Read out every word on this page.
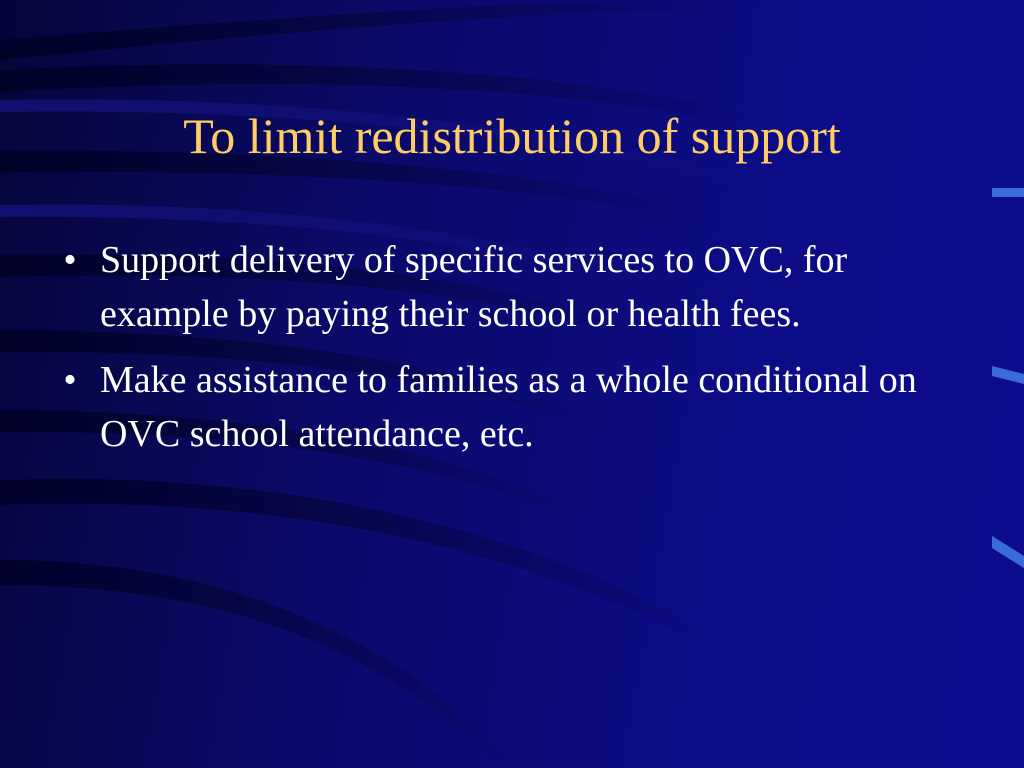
To limit redistribution of support
• Support delivery of specific services to OVC, for example by paying their school or health fees.
• Make assistance to families as a whole conditional on OVC school attendance, etc.
